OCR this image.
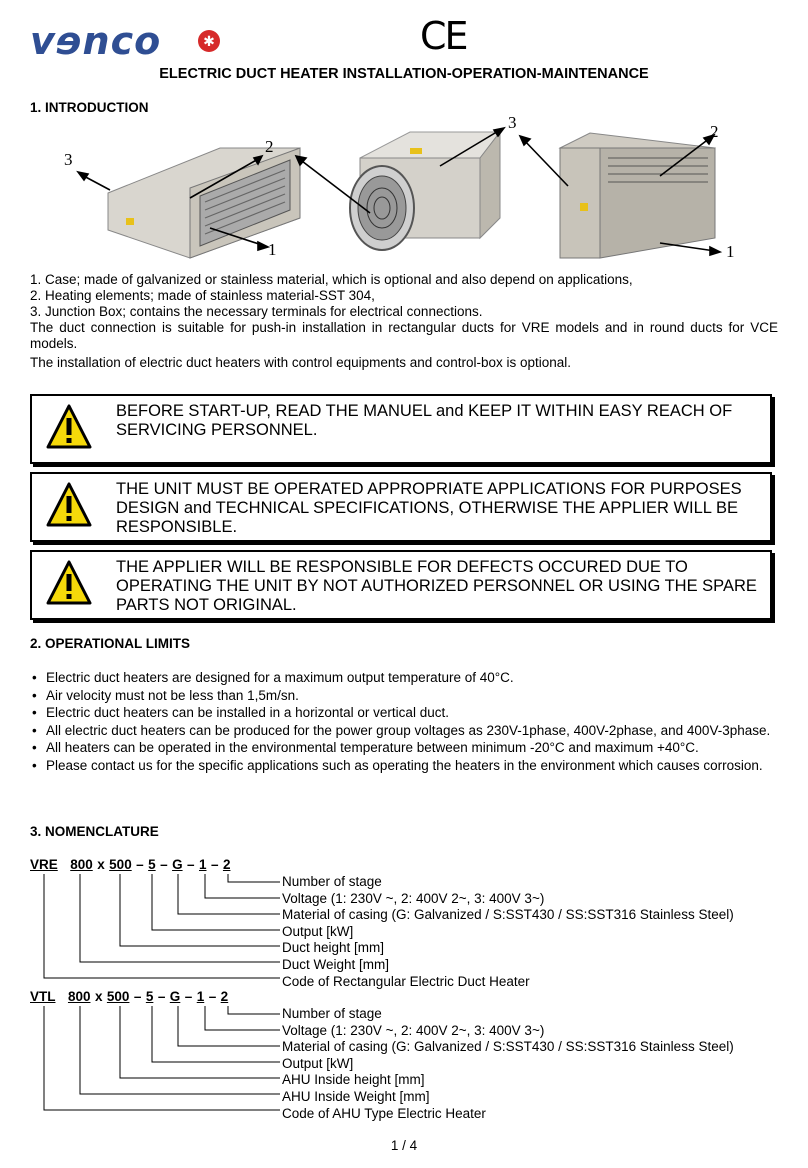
vɘnco	✱	CE
ELECTRIC DUCT HEATER INSTALLATION-OPERATION-MAINTENANCE
1. INTRODUCTION
3
2
1
3	2
1
1. Case; made of galvanized or stainless material, which is optional and also depend on applications,
2. Heating elements; made of stainless material-SST 304,
3. Junction Box; contains the necessary terminals for electrical connections.
The duct connection is suitable for push-in installation in rectangular ducts for VRE models and in round ducts for VCE models.
The installation of electric duct heaters with control equipments and control-box is optional.
BEFORE START-UP, READ THE MANUEL and KEEP IT WITHIN EASY REACH OF SERVICING PERSONNEL.
THE UNIT MUST BE OPERATED APPROPRIATE APPLICATIONS FOR PURPOSES DESIGN and TECHNICAL SPECIFICATIONS, OTHERWISE THE APPLIER WILL BE RESPONSIBLE.
THE APPLIER WILL BE RESPONSIBLE FOR DEFECTS OCCURED DUE TO OPERATING THE UNIT BY NOT AUTHORIZED PERSONNEL OR USING THE SPARE PARTS NOT ORIGINAL.
2. OPERATIONAL LIMITS
• Electric duct heaters are designed for a maximum output temperature of 40°C.
• Air velocity must not be less than 1,5m/sn.
• Electric duct heaters can be installed in a horizontal or vertical duct.
• All electric duct heaters can be produced for the power group voltages as 230V-1phase, 400V-2phase, and 400V-3phase.
• All heaters can be operated in the environmental temperature between minimum -20°C and maximum +40°C.
• Please contact us for the specific applications such as operating the heaters in the environment which causes corrosion.
3. NOMENCLATURE
VRE 800 x 500 – 5 – G – 1 – 2
Number of stage
Voltage (1: 230V ~, 2: 400V 2~, 3: 400V 3~)
Material of casing (G: Galvanized / S:SST430 / SS:SST316 Stainless Steel)
Output [kW]
Duct height [mm]
Duct Weight [mm]
Code of Rectangular Electric Duct Heater
VTL 800 x 500 – 5 – G – 1 – 2
Number of stage
Voltage (1: 230V ~, 2: 400V 2~, 3: 400V 3~)
Material of casing (G: Galvanized / S:SST430 / SS:SST316 Stainless Steel)
Output [kW]
AHU Inside height [mm]
AHU Inside Weight [mm]
Code of AHU Type Electric Heater
1 / 4
